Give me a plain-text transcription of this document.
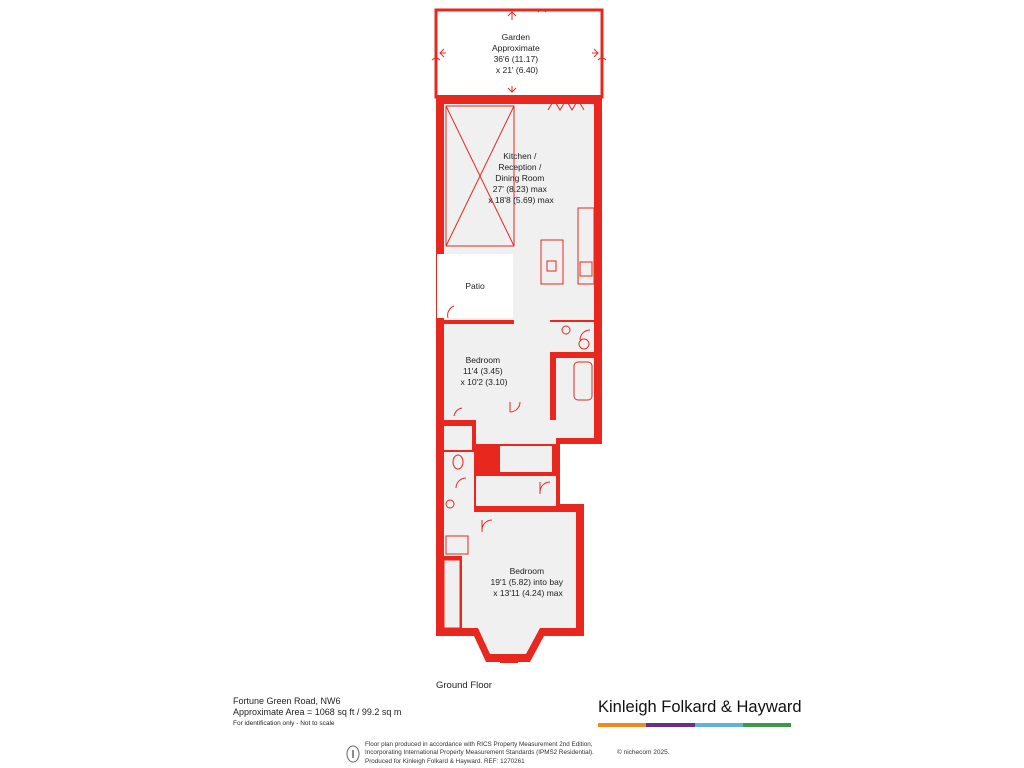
Garden Approximate 36'6 (11.17) x 21' (6.40)
Kitchen / Reception / Dining Room 27' (8.23) max x 18'8 (5.69) max
Patio
Bedroom 11'4 (3.45) x 10'2 (3.10)
Bedroom 19'1 (5.82) into bay x 13'11 (4.24) max
Ground Floor
Fortune Green Road, NW6
Approximate Area = 1068 sq ft / 99.2 sq m
For identification only - Not to scale
Kinleigh Folkard & Hayward
Floor plan produced in accordance with RICS Property Measurement 2nd Edition,
Incorporating International Property Measurement Standards (IPMS2 Residential).
Produced for Kinleigh Folkard & Hayward. REF: 1270261
© nichecom 2025.
